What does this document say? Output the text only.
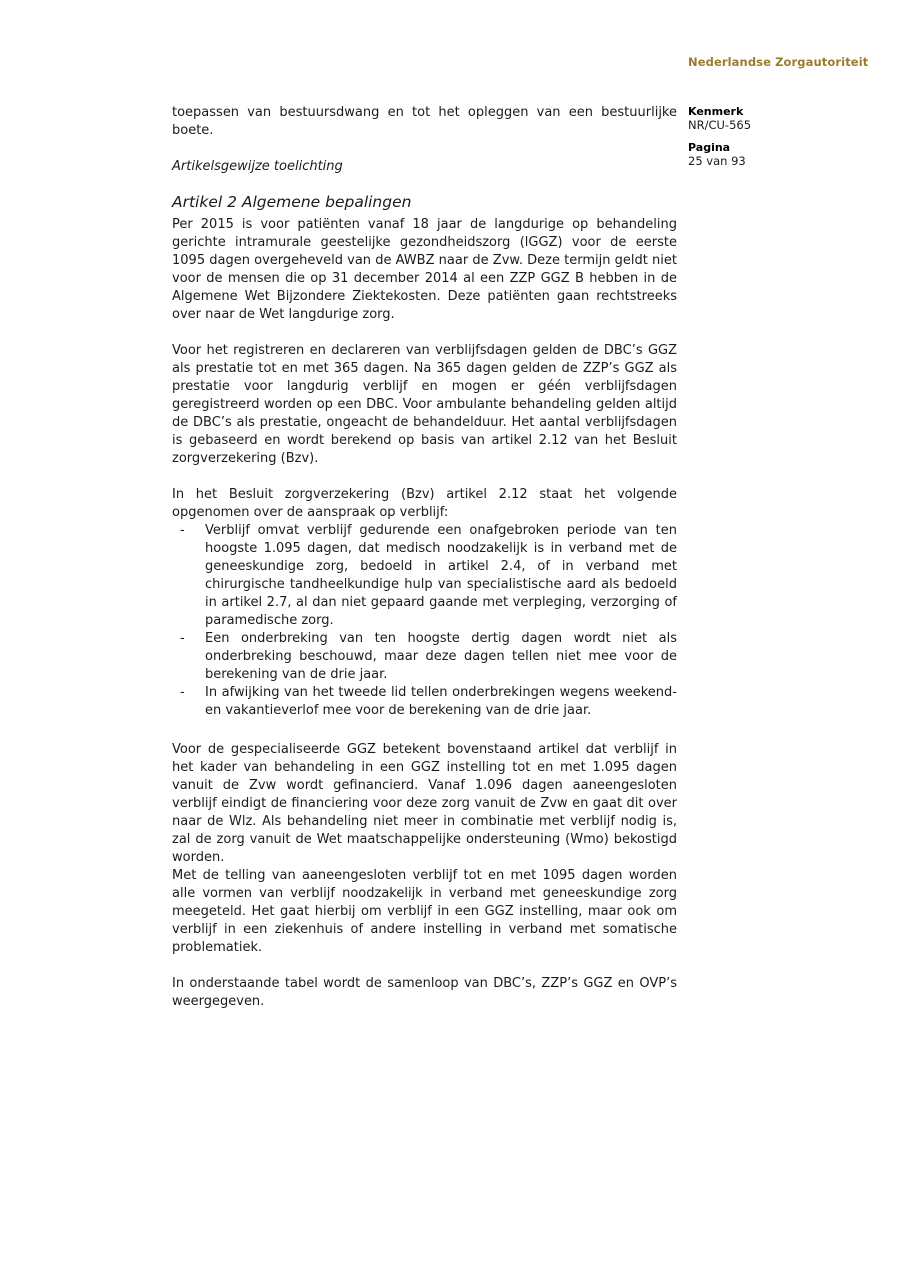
Nederlandse Zorgautoriteit
Kenmerk
NR/CU-565
Pagina
25 van 93

toepassen van bestuursdwang en tot het opleggen van een bestuurlijke boete.

Artikelsgewijze toelichting
Artikel 2 Algemene bepalingen

Per 2015 is voor patiënten vanaf 18 jaar de langdurige op behandeling gerichte intramurale geestelijke gezondheidszorg (lGGZ) voor de eerste 1095 dagen overgeheveld van de AWBZ naar de Zvw. Deze termijn geldt niet voor de mensen die op 31 december 2014 al een ZZP GGZ B hebben in de Algemene Wet Bijzondere Ziektekosten. Deze patiënten gaan rechtstreeks over naar de Wet langdurige zorg.

Voor het registreren en declareren van verblijfsdagen gelden de DBC’s GGZ als prestatie tot en met 365 dagen. Na 365 dagen gelden de ZZP’s GGZ als prestatie voor langdurig verblijf en mogen er géén verblijfsdagen geregistreerd worden op een DBC. Voor ambulante behandeling gelden altijd de DBC’s als prestatie, ongeacht de behandelduur. Het aantal verblijfsdagen is gebaseerd en wordt berekend op basis van artikel 2.12 van het Besluit zorgverzekering (Bzv).

In het Besluit zorgverzekering (Bzv) artikel 2.12 staat het volgende opgenomen over de aanspraak op verblijf:

- Verblijf omvat verblijf gedurende een onafgebroken periode van ten hoogste 1.095 dagen, dat medisch noodzakelijk is in verband met de geneeskundige zorg, bedoeld in artikel 2.4, of in verband met chirurgische tandheelkundige hulp van specialistische aard als bedoeld in artikel 2.7, al dan niet gepaard gaande met verpleging, verzorging of paramedische zorg.
- Een onderbreking van ten hoogste dertig dagen wordt niet als onderbreking beschouwd, maar deze dagen tellen niet mee voor de berekening van de drie jaar.
- In afwijking van het tweede lid tellen onderbrekingen wegens weekend- en vakantieverlof mee voor de berekening van de drie jaar.

Voor de gespecialiseerde GGZ betekent bovenstaand artikel dat verblijf in het kader van behandeling in een GGZ instelling tot en met 1.095 dagen vanuit de Zvw wordt gefinancierd. Vanaf 1.096 dagen aaneengesloten verblijf eindigt de financiering voor deze zorg vanuit de Zvw en gaat dit over naar de Wlz. Als behandeling niet meer in combinatie met verblijf nodig is, zal de zorg vanuit de Wet maatschappelijke ondersteuning (Wmo) bekostigd worden.

Met de telling van aaneengesloten verblijf tot en met 1095 dagen worden alle vormen van verblijf noodzakelijk in verband met geneeskundige zorg meegeteld. Het gaat hierbij om verblijf in een GGZ instelling, maar ook om verblijf in een ziekenhuis of andere instelling in verband met somatische problematiek.

In onderstaande tabel wordt de samenloop van DBC’s, ZZP’s GGZ en OVP’s weergegeven.
